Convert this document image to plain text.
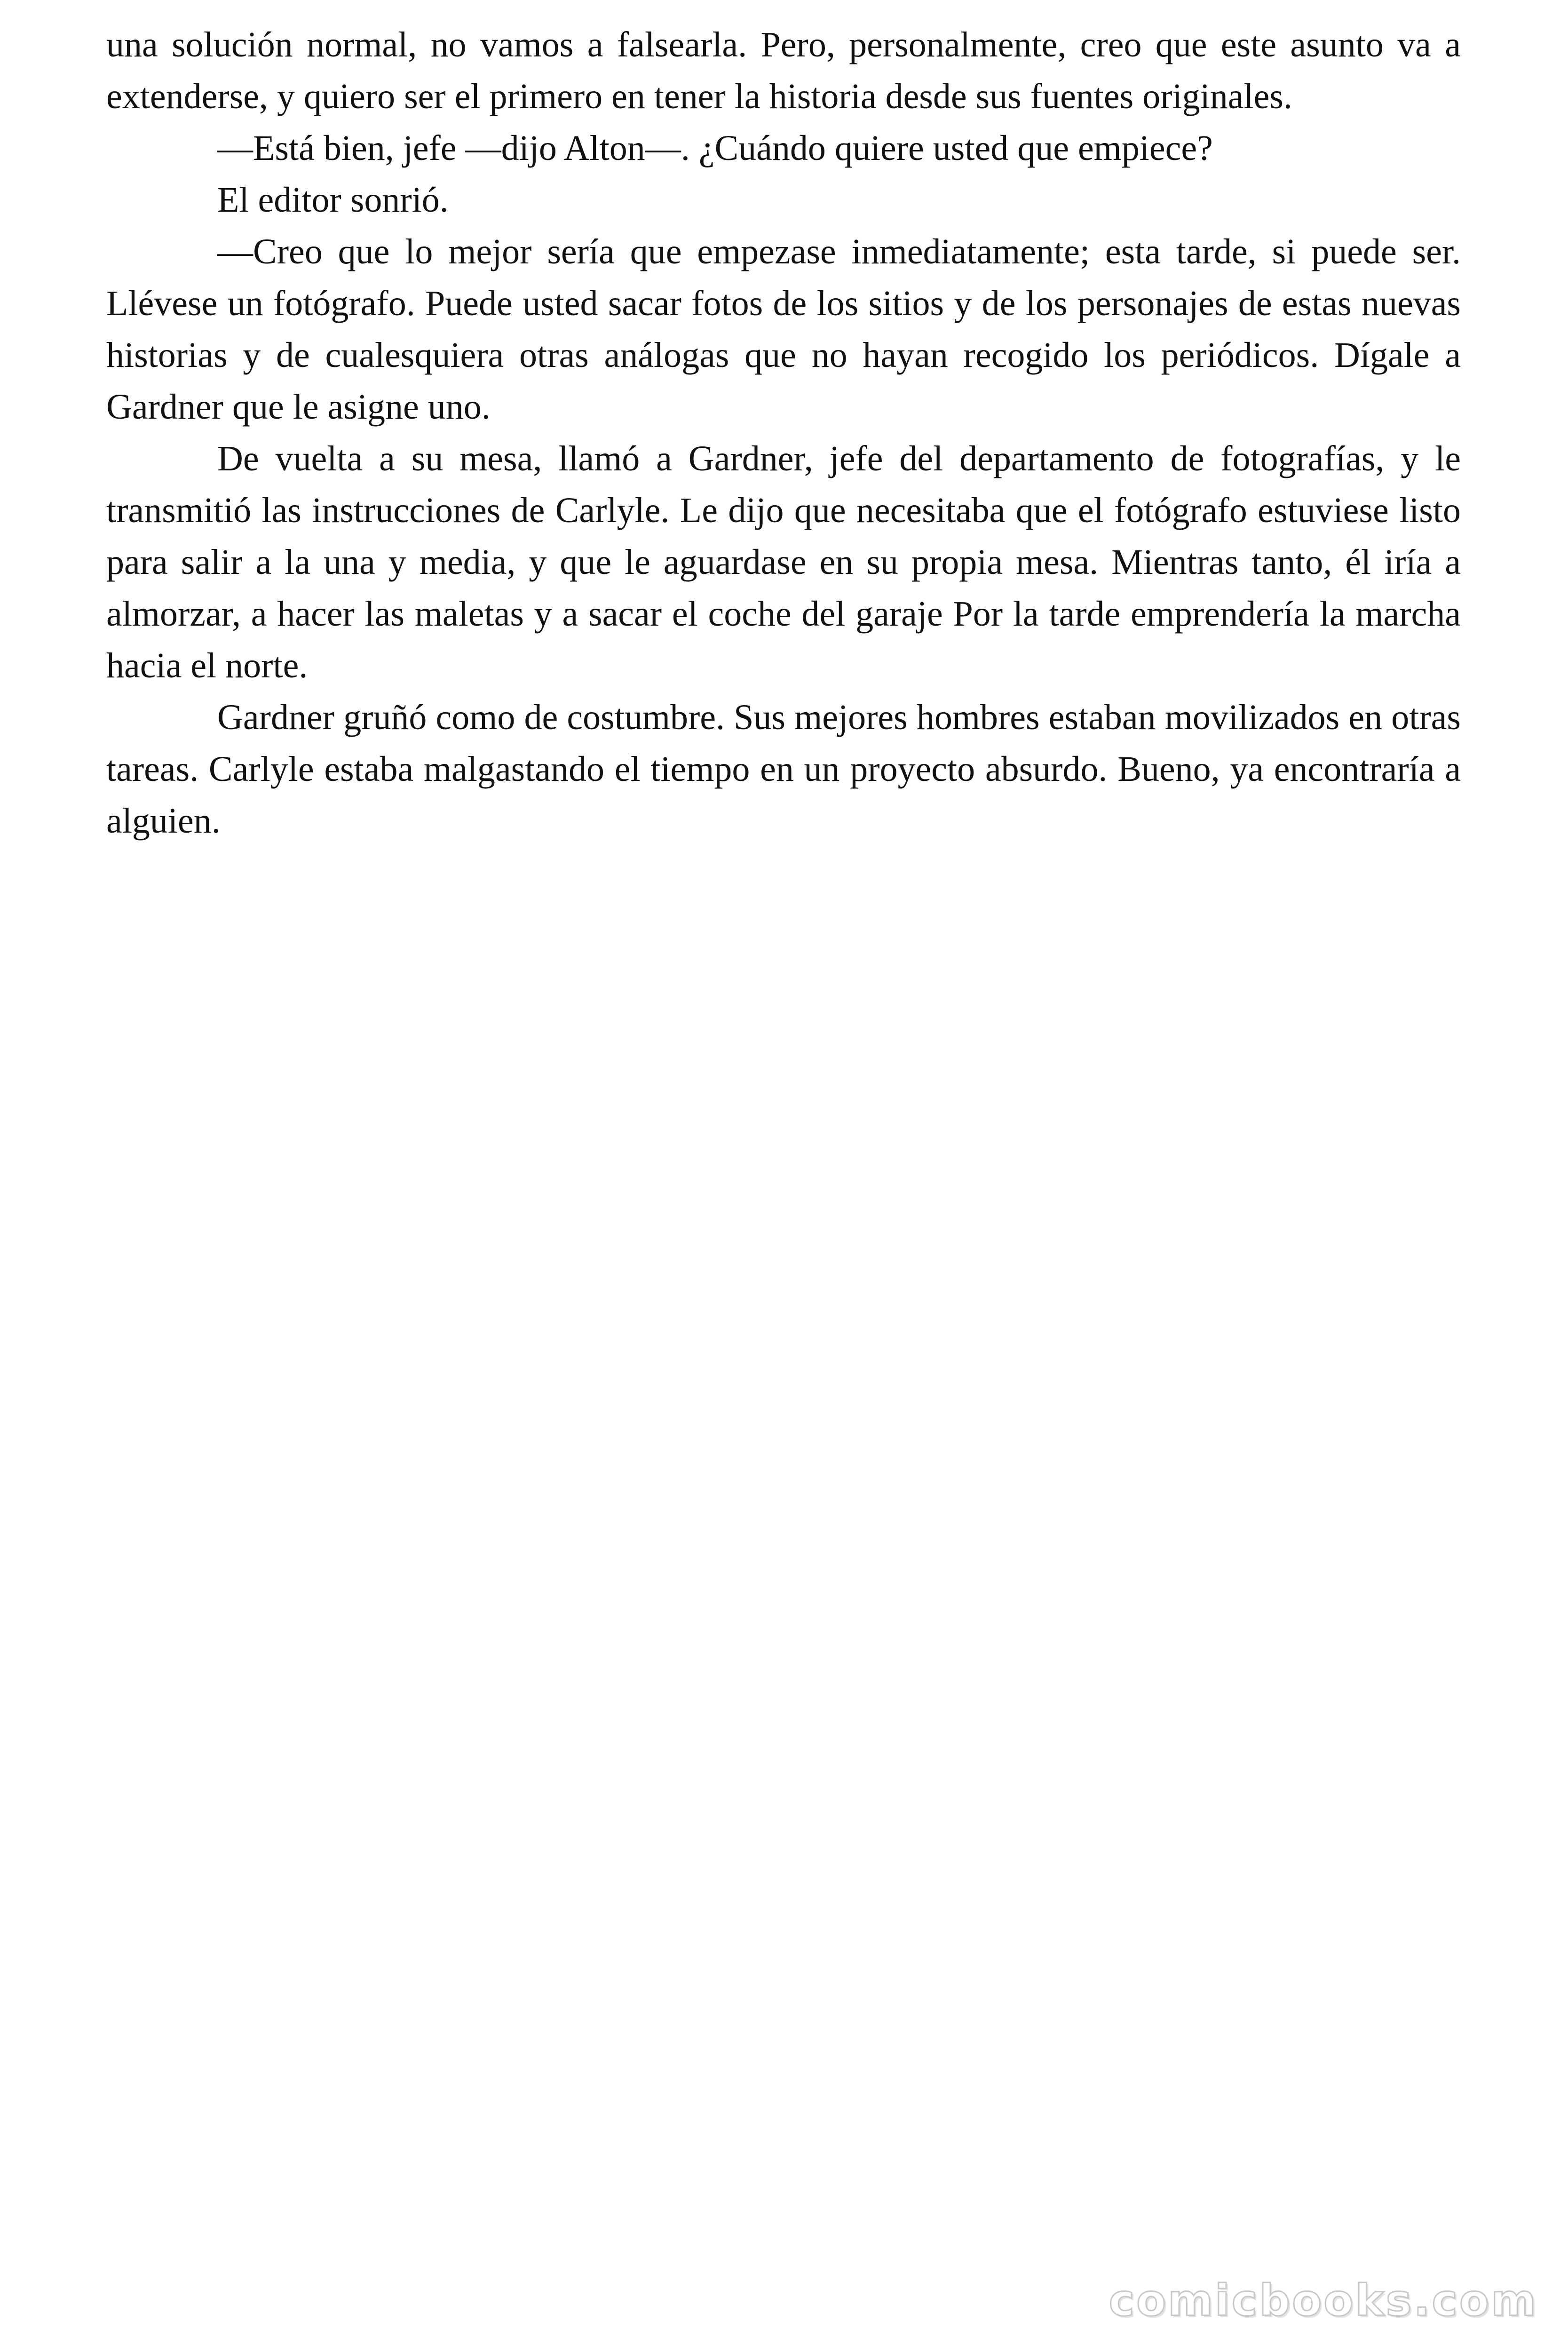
una solución normal, no vamos a falsearla. Pero, personalmente, creo que este asunto va a extenderse, y quiero ser el primero en tener la historia desde sus fuentes originales.

—Está bien, jefe —dijo Alton—. ¿Cuándo quiere usted que empiece?

El editor sonrió.

—Creo que lo mejor sería que empezase inmediatamente; esta tarde, si puede ser. Llévese un fotógrafo. Puede usted sacar fotos de los sitios y de los personajes de estas nuevas historias y de cualesquiera otras análogas que no hayan recogido los periódicos. Dígale a Gardner que le asigne uno.

De vuelta a su mesa, llamó a Gardner, jefe del departamento de fotografías, y le transmitió las instrucciones de Carlyle. Le dijo que necesitaba que el fotógrafo estuviese listo para salir a la una y media, y que le aguardase en su propia mesa. Mientras tanto, él iría a almorzar, a hacer las maletas y a sacar el coche del garaje Por la tarde emprendería la marcha hacia el norte.

Gardner gruñó como de costumbre. Sus mejores hombres estaban movilizados en otras tareas. Carlyle estaba malgastando el tiempo en un proyecto absurdo. Bueno, ya encontraría a alguien.

comicbooks.com
